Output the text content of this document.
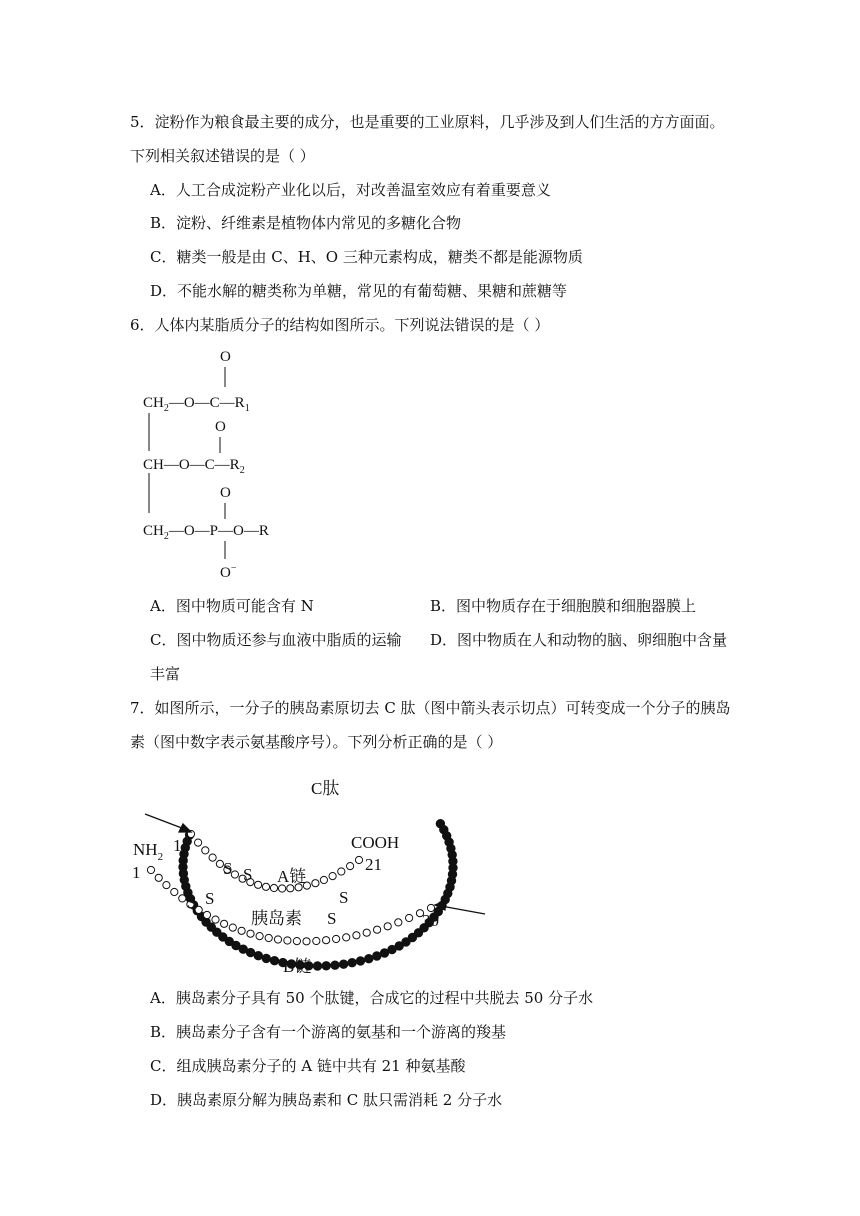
5．淀粉作为粮食最主要的成分，也是重要的工业原料，几乎涉及到人们生活的方方面面。
下列相关叙述错误的是（ ）
A．人工合成淀粉产业化以后，对改善温室效应有着重要意义
B．淀粉、纤维素是植物体内常见的多糖化合物
C．糖类一般是由 C、H、O 三种元素构成，糖类不都是能源物质
D．不能水解的糖类称为单糖，常见的有葡萄糖、果糖和蔗糖等
6．人体内某脂质分子的结构如图所示。下列说法错误的是（ ）
O
$CH_2—O—C—R_1$
O
$CH—O—C—R_2$
O
$CH_2—O—P—O—R$
O−
A．图中物质可能含有 N	B．图中物质存在于细胞膜和细胞器膜上
C．图中物质还参与血液中脂质的运输 D．图中物质在人和动物的脑、卵细胞中含量
丰富
7．如图所示，一分子的胰岛素原切去 C 肽（图中箭头表示切点）可转变成一个分子的胰岛
素（图中数字表示氨基酸序号）。下列分析正确的是（ ）
C肽
$NH_2$
1
1	COOH
21
30
A链
胰岛素
B链
S S
S S	S
S
A．胰岛素分子具有 50 个肽键，合成它的过程中共脱去 50 分子水
B．胰岛素分子含有一个游离的氨基和一个游离的羧基
C．组成胰岛素分子的 A 链中共有 21 种氨基酸
D．胰岛素原分解为胰岛素和 C 肽只需消耗 2 分子水
